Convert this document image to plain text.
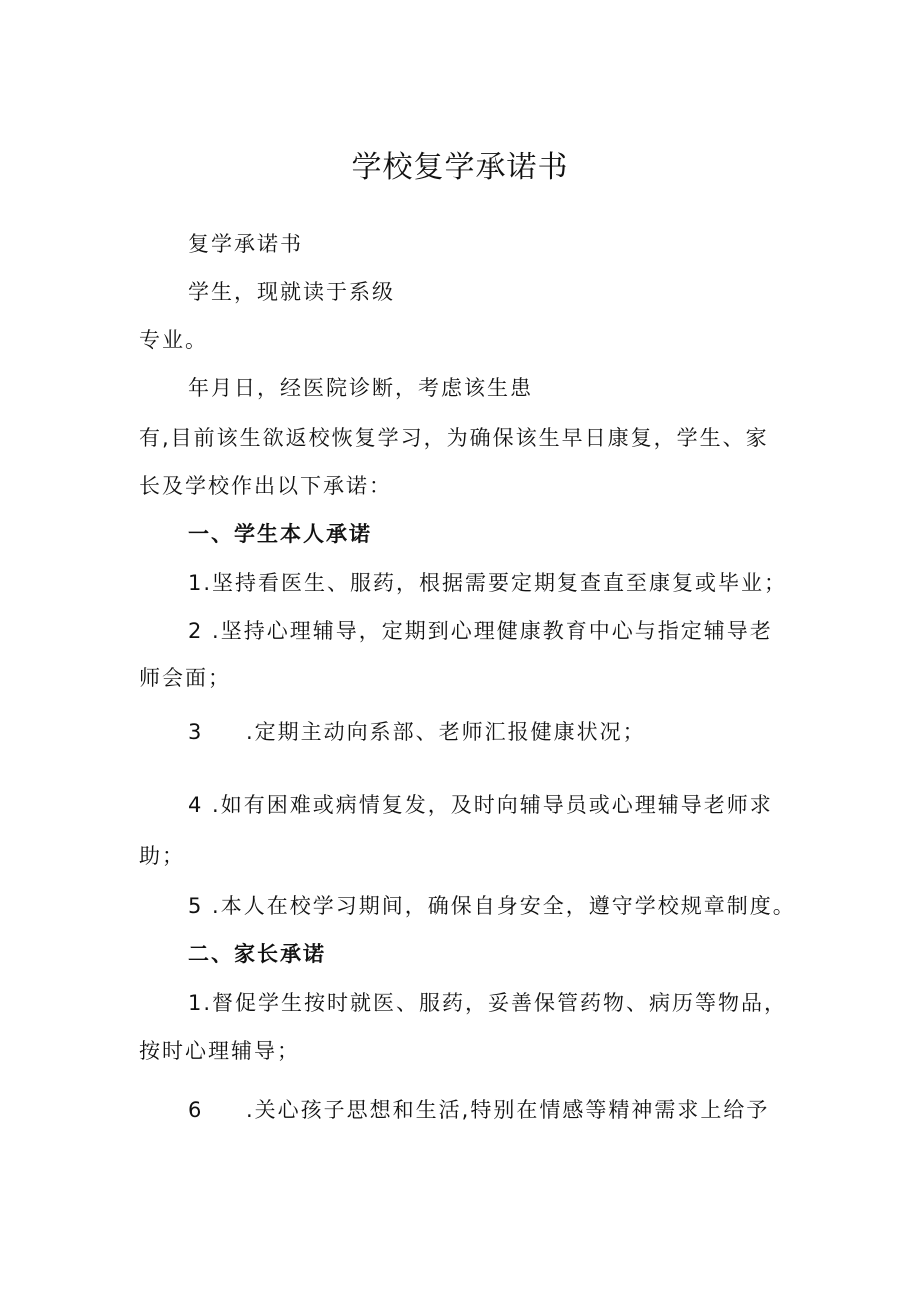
学校复学承诺书
复学承诺书
学生，现就读于系级
专业。
年月日，经医院诊断，考虑该生患
有,目前该生欲返校恢复学习，为确保该生早日康复，学生、家
长及学校作出以下承诺：
一、学生本人承诺
1.坚持看医生、服药，根据需要定期复查直至康复或毕业；
2 .坚持心理辅导，定期到心理健康教育中心与指定辅导老
师会面；
3 .定期主动向系部、老师汇报健康状况；
4 .如有困难或病情复发，及时向辅导员或心理辅导老师求
助；
5 .本人在校学习期间，确保自身安全，遵守学校规章制度。
二、家长承诺
1.督促学生按时就医、服药，妥善保管药物、病历等物品，
按时心理辅导；
6 .关心孩子思想和生活,特别在情感等精神需求上给予
